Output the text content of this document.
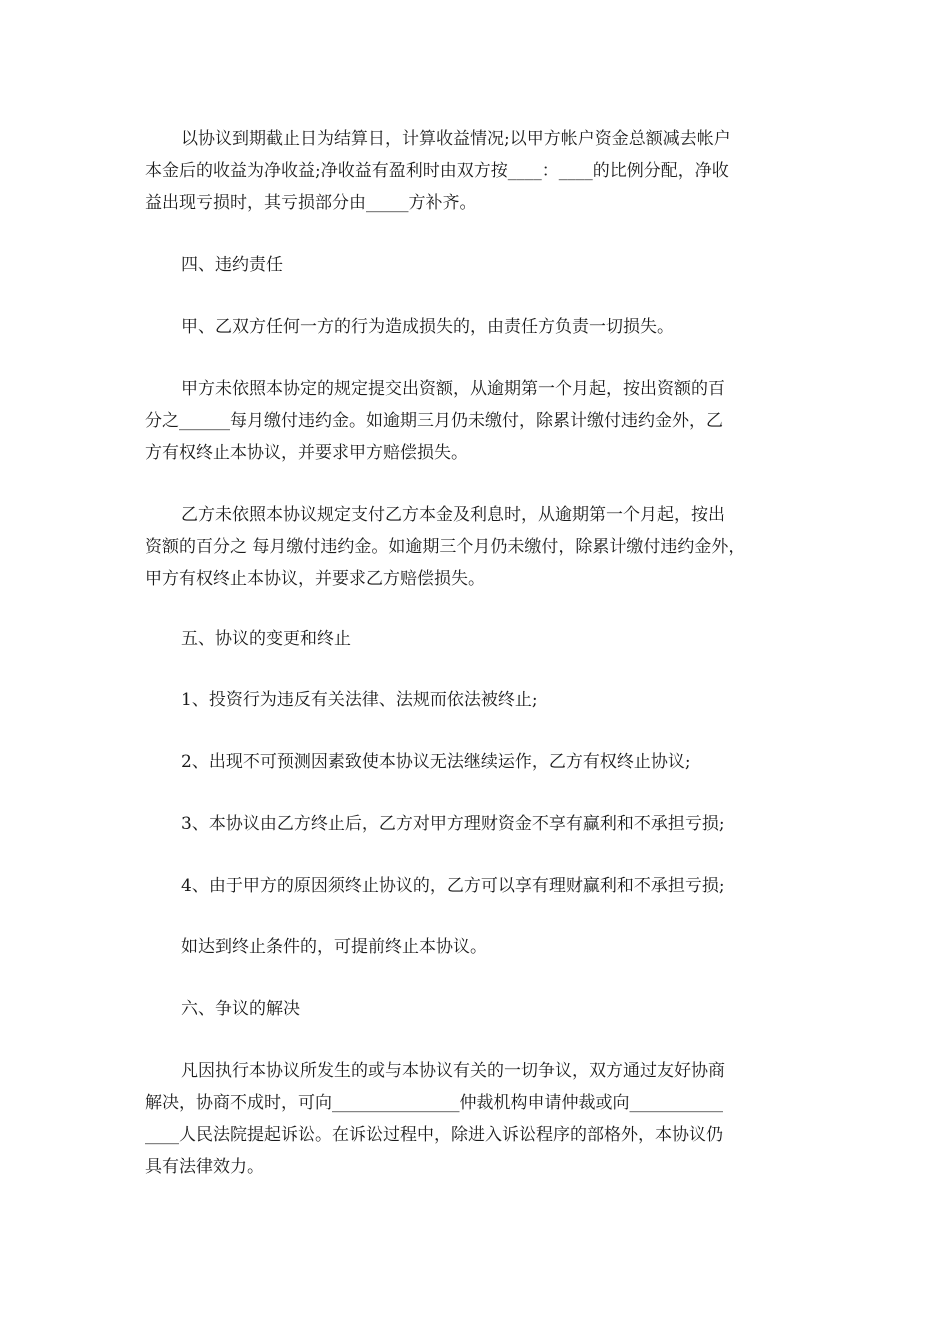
以协议到期截止日为结算日，计算收益情况;以甲方帐户资金总额减去帐户
本金后的收益为净收益;净收益有盈利时由双方按____：____的比例分配，净收
益出现亏损时，其亏损部分由_____方补齐。

四、违约责任

甲、乙双方任何一方的行为造成损失的，由责任方负责一切损失。

甲方未依照本协定的规定提交出资额，从逾期第一个月起，按出资额的百
分之______每月缴付违约金。如逾期三月仍未缴付，除累计缴付违约金外，乙
方有权终止本协议，并要求甲方赔偿损失。

乙方未依照本协议规定支付乙方本金及利息时，从逾期第一个月起，按出
资额的百分之 每月缴付违约金。如逾期三个月仍未缴付，除累计缴付违约金外，
甲方有权终止本协议，并要求乙方赔偿损失。

五、协议的变更和终止

1、投资行为违反有关法律、法规而依法被终止;

2、出现不可预测因素致使本协议无法继续运作，乙方有权终止协议;

3、本协议由乙方终止后，乙方对甲方理财资金不享有赢利和不承担亏损;

4、由于甲方的原因须终止协议的，乙方可以享有理财赢利和不承担亏损;

如达到终止条件的，可提前终止本协议。

六、争议的解决

凡因执行本协议所发生的或与本协议有关的一切争议，双方通过友好协商
解决，协商不成时，可向_______________仲裁机构申请仲裁或向___________
____人民法院提起诉讼。在诉讼过程中，除进入诉讼程序的部格外，本协议仍
具有法律效力。
